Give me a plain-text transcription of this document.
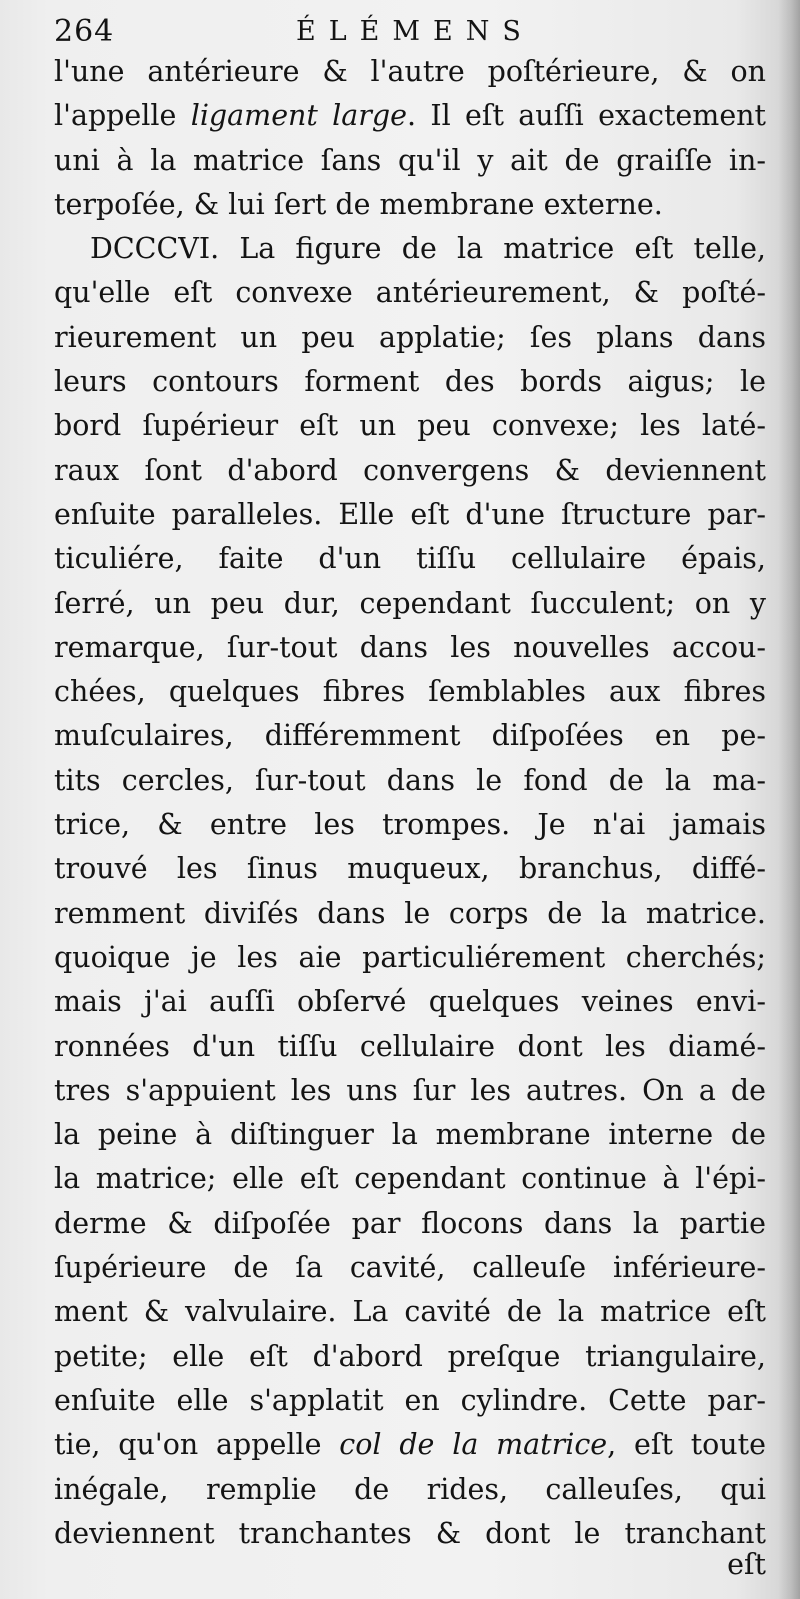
264	ÉLÉMENS
l'une antérieure & l'autre poſtérieure, & on
l'appelle ligament large. Il eſt auſſi exactement
uni à la matrice ſans qu'il y ait de graiſſe in-
terpoſée, & lui ſert de membrane externe.
DCCCVI. La figure de la matrice eſt telle,
qu'elle eſt convexe antérieurement, & poſté-
rieurement un peu applatie; ſes plans dans
leurs contours forment des bords aigus; le
bord ſupérieur eſt un peu convexe; les laté-
raux ſont d'abord convergens & deviennent
enſuite paralleles. Elle eſt d'une ſtructure par-
ticuliére, faite d'un tiſſu cellulaire épais,
ſerré, un peu dur, cependant ſucculent; on y
remarque, ſur-tout dans les nouvelles accou-
chées, quelques fibres ſemblables aux fibres
muſculaires, différemment diſpoſées en pe-
tits cercles, ſur-tout dans le fond de la ma-
trice, & entre les trompes. Je n'ai jamais
trouvé les ſinus muqueux, branchus, diffé-
remment diviſés dans le corps de la matrice.
quoique je les aie particuliérement cherchés;
mais j'ai auſſi obſervé quelques veines envi-
ronnées d'un tiſſu cellulaire dont les diamé-
tres s'appuient les uns ſur les autres. On a de
la peine à diſtinguer la membrane interne de
la matrice; elle eſt cependant continue à l'épi-
derme & diſpoſée par flocons dans la partie
ſupérieure de ſa cavité, calleuſe inférieure-
ment & valvulaire. La cavité de la matrice eſt
petite; elle eſt d'abord preſque triangulaire,
enſuite elle s'applatit en cylindre. Cette par-
tie, qu'on appelle col de la matrice, eſt toute
inégale, remplie de rides, calleuſes, qui
deviennent tranchantes & dont le tranchant
eſt
